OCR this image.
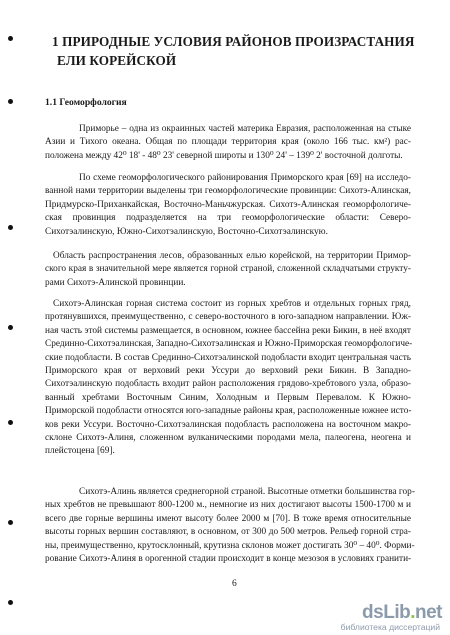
1 ПРИРОДНЫЕ УСЛОВИЯ РАЙОНОВ ПРОИЗРАСТАНИЯ
ЕЛИ КОРЕЙСКОЙ
1.1 Геоморфология
Приморье – одна из окраинных частей материка Евразия, расположенная на стыке
Азии и Тихого океана. Общая по площади территория края (около 166 тыс. км²) рас-
положена между 42⁰ 18' - 48⁰ 23' северной широты и 130⁰ 24' – 139⁰ 2' восточной долготы.
По схеме геоморфологического районирования Приморского края [69] на исследо-
ванной нами территории выделены три геоморфологические провинции: Сихотэ-Алинская,
Придмурско-Приханкайская, Восточно-Маньчжурская. Сихотэ-Алинская геоморфологиче-
ская провинция подразделяется на три геоморфологические области: Северо-
Сихотэалинскую, Южно-Сихотэалинскую, Восточно-Сихотэалинскую.
Область распространения лесов, образованных елью корейской, на территории Примор-
ского края в значительной мере является горной страной, сложенной складчатыми структу-
рами Сихотэ-Алинской провинции.
Сихотэ-Алинская горная система состоит из горных хребтов и отдельных горных гряд,
протянувшихся, преимущественно, с северо-восточного в юго-западном направлении. Юж-
ная часть этой системы размещается, в основном, южнее бассейна реки Бикин, в неё входят
Срединно-Сихотэалинская, Западно-Сихотэалинская и Южно-Приморская геоморфологиче-
ские подобласти. В состав Срединно-Сихотэалинской подобласти входит центральная часть
Приморского края от верховий реки Уссури до верховий реки Бикин. В Западно-
Сихотэалинскую подобласть входит район расположения грядово-хребтового узла, образо-
ванный хребтами Восточным Синим, Холодным и Первым Перевалом. К Южно-
Приморской подобласти относятся юго-западные районы края, расположенные южнее исто-
ков реки Уссури. Восточно-Сихотэалинская подобласть расположена на восточном макро-
склоне Сихотэ-Алиня, сложенном вулканическими породами мела, палеогена, неогена и
плейстоцена [69].
Сихотэ-Алинь является среднегорной страной. Высотные отметки большинства гор-
ных хребтов не превышают 800-1200 м., немногие из них достигают высоты 1500-1700 м и
всего две горные вершины имеют высоту более 2000 м [70]. В тоже время относительные
высоты горных вершин составляют, в основном, от 300 до 500 метров. Рельеф горной стра-
ны, преимущественно, крутосклонный, крутизна склонов может достигать 30⁰ – 40⁰. Форми-
рование Сихотэ-Алиня в орогенной стадии происходит в конце мезозоя в условиях гранити-
6
dsLib.net
библиотека диссертаций
